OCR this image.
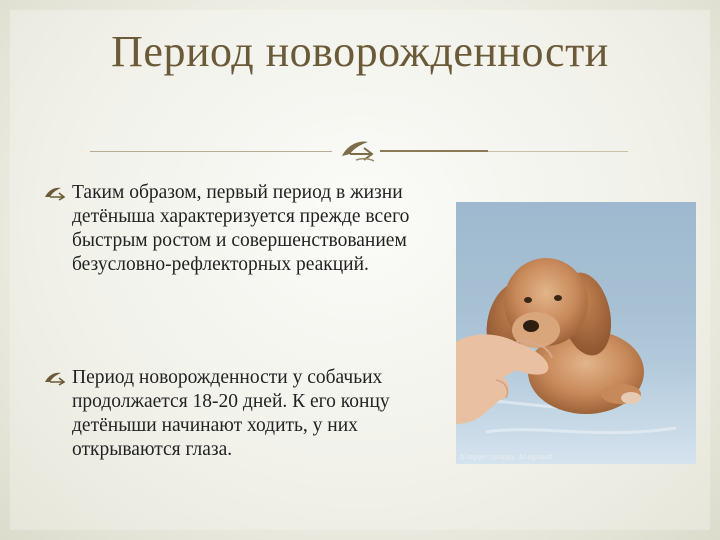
Период новорожденности
Таким образом, первый период в жизни детёныша характеризуется прежде всего быстрым ростом и совершенствованием безусловно-рефлекторных реакций.
Период новорожденности у собачьих продолжается 18-20 дней. К его концу детёныши начинают ходить, у них открываются глаза.	bloggerspuppy.blogspot
